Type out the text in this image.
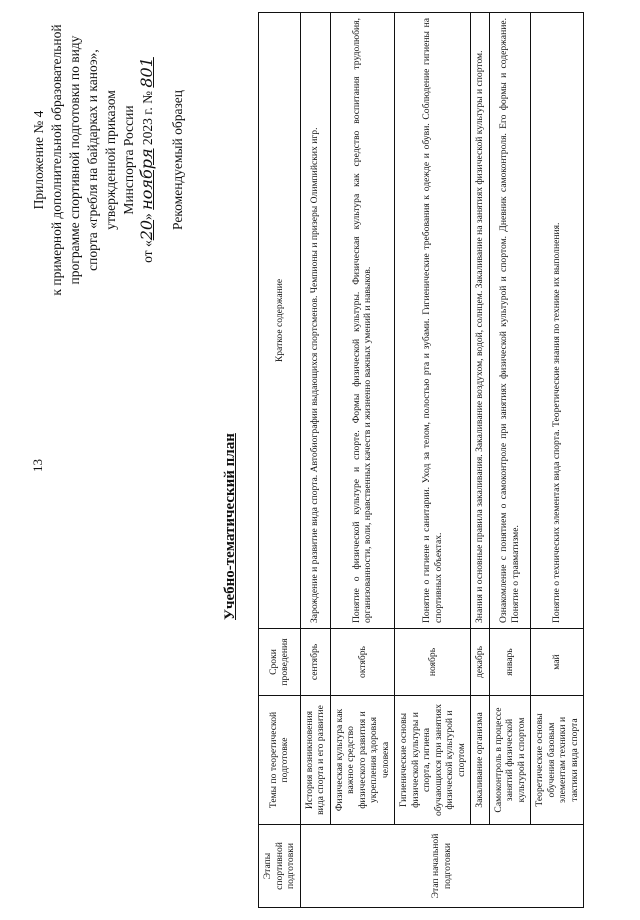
13
Приложение № 4 к примерной дополнительной образовательной программе спортивной подготовки по виду спорта «гребля на байдарках и каноэ», утвержденной приказом Минспорта России
от «20» ноября 2023 г. № 801
Рекомендуемый образец
Учебно-тематический план
Этапы спортивной подготовки	Темы по теоретической подготовке	Сроки проведения	Краткое содержание
Этап начальной подготовки	История возникновения вида спорта и его развитие	сентябрь	Зарождение и развитие вида спорта. Автобиографии выдающихся спортсменов. Чемпионы и призеры Олимпийских игр.
	Физическая культура как важное средство физического развития и укрепления здоровья человека	октябрь	Понятие о физической культуре и спорте. Формы физической культуры. Физическая культура как средство воспитания трудолюбия, организованности, воли, нравственных качеств и жизненно важных умений и навыков.
	Гигиенические основы физической культуры и спорта, гигиена обучающихся при занятиях физической культурой и спортом	ноябрь	Понятие о гигиене и санитарии. Уход за телом, полостью рта и зубами. Гигиенические требования к одежде и обуви. Соблюдение гигиены на спортивных объектах.
	Закаливание организма	декабрь	Знания и основные правила закаливания. Закаливание воздухом, водой, солнцем. Закаливание на занятиях физической культуры и спортом.
	Самоконтроль в процессе занятий физической культурой и спортом	январь	Ознакомление с понятием о самоконтроле при занятиях физической культурой и спортом. Дневник самоконтроля. Его формы и содержание. Понятие о травматизме.
	Теоретические основы обучения базовым элементам техники и тактики вида спорта	май	Понятие о технических элементах вида спорта. Теоретические знания по технике их выполнения.
